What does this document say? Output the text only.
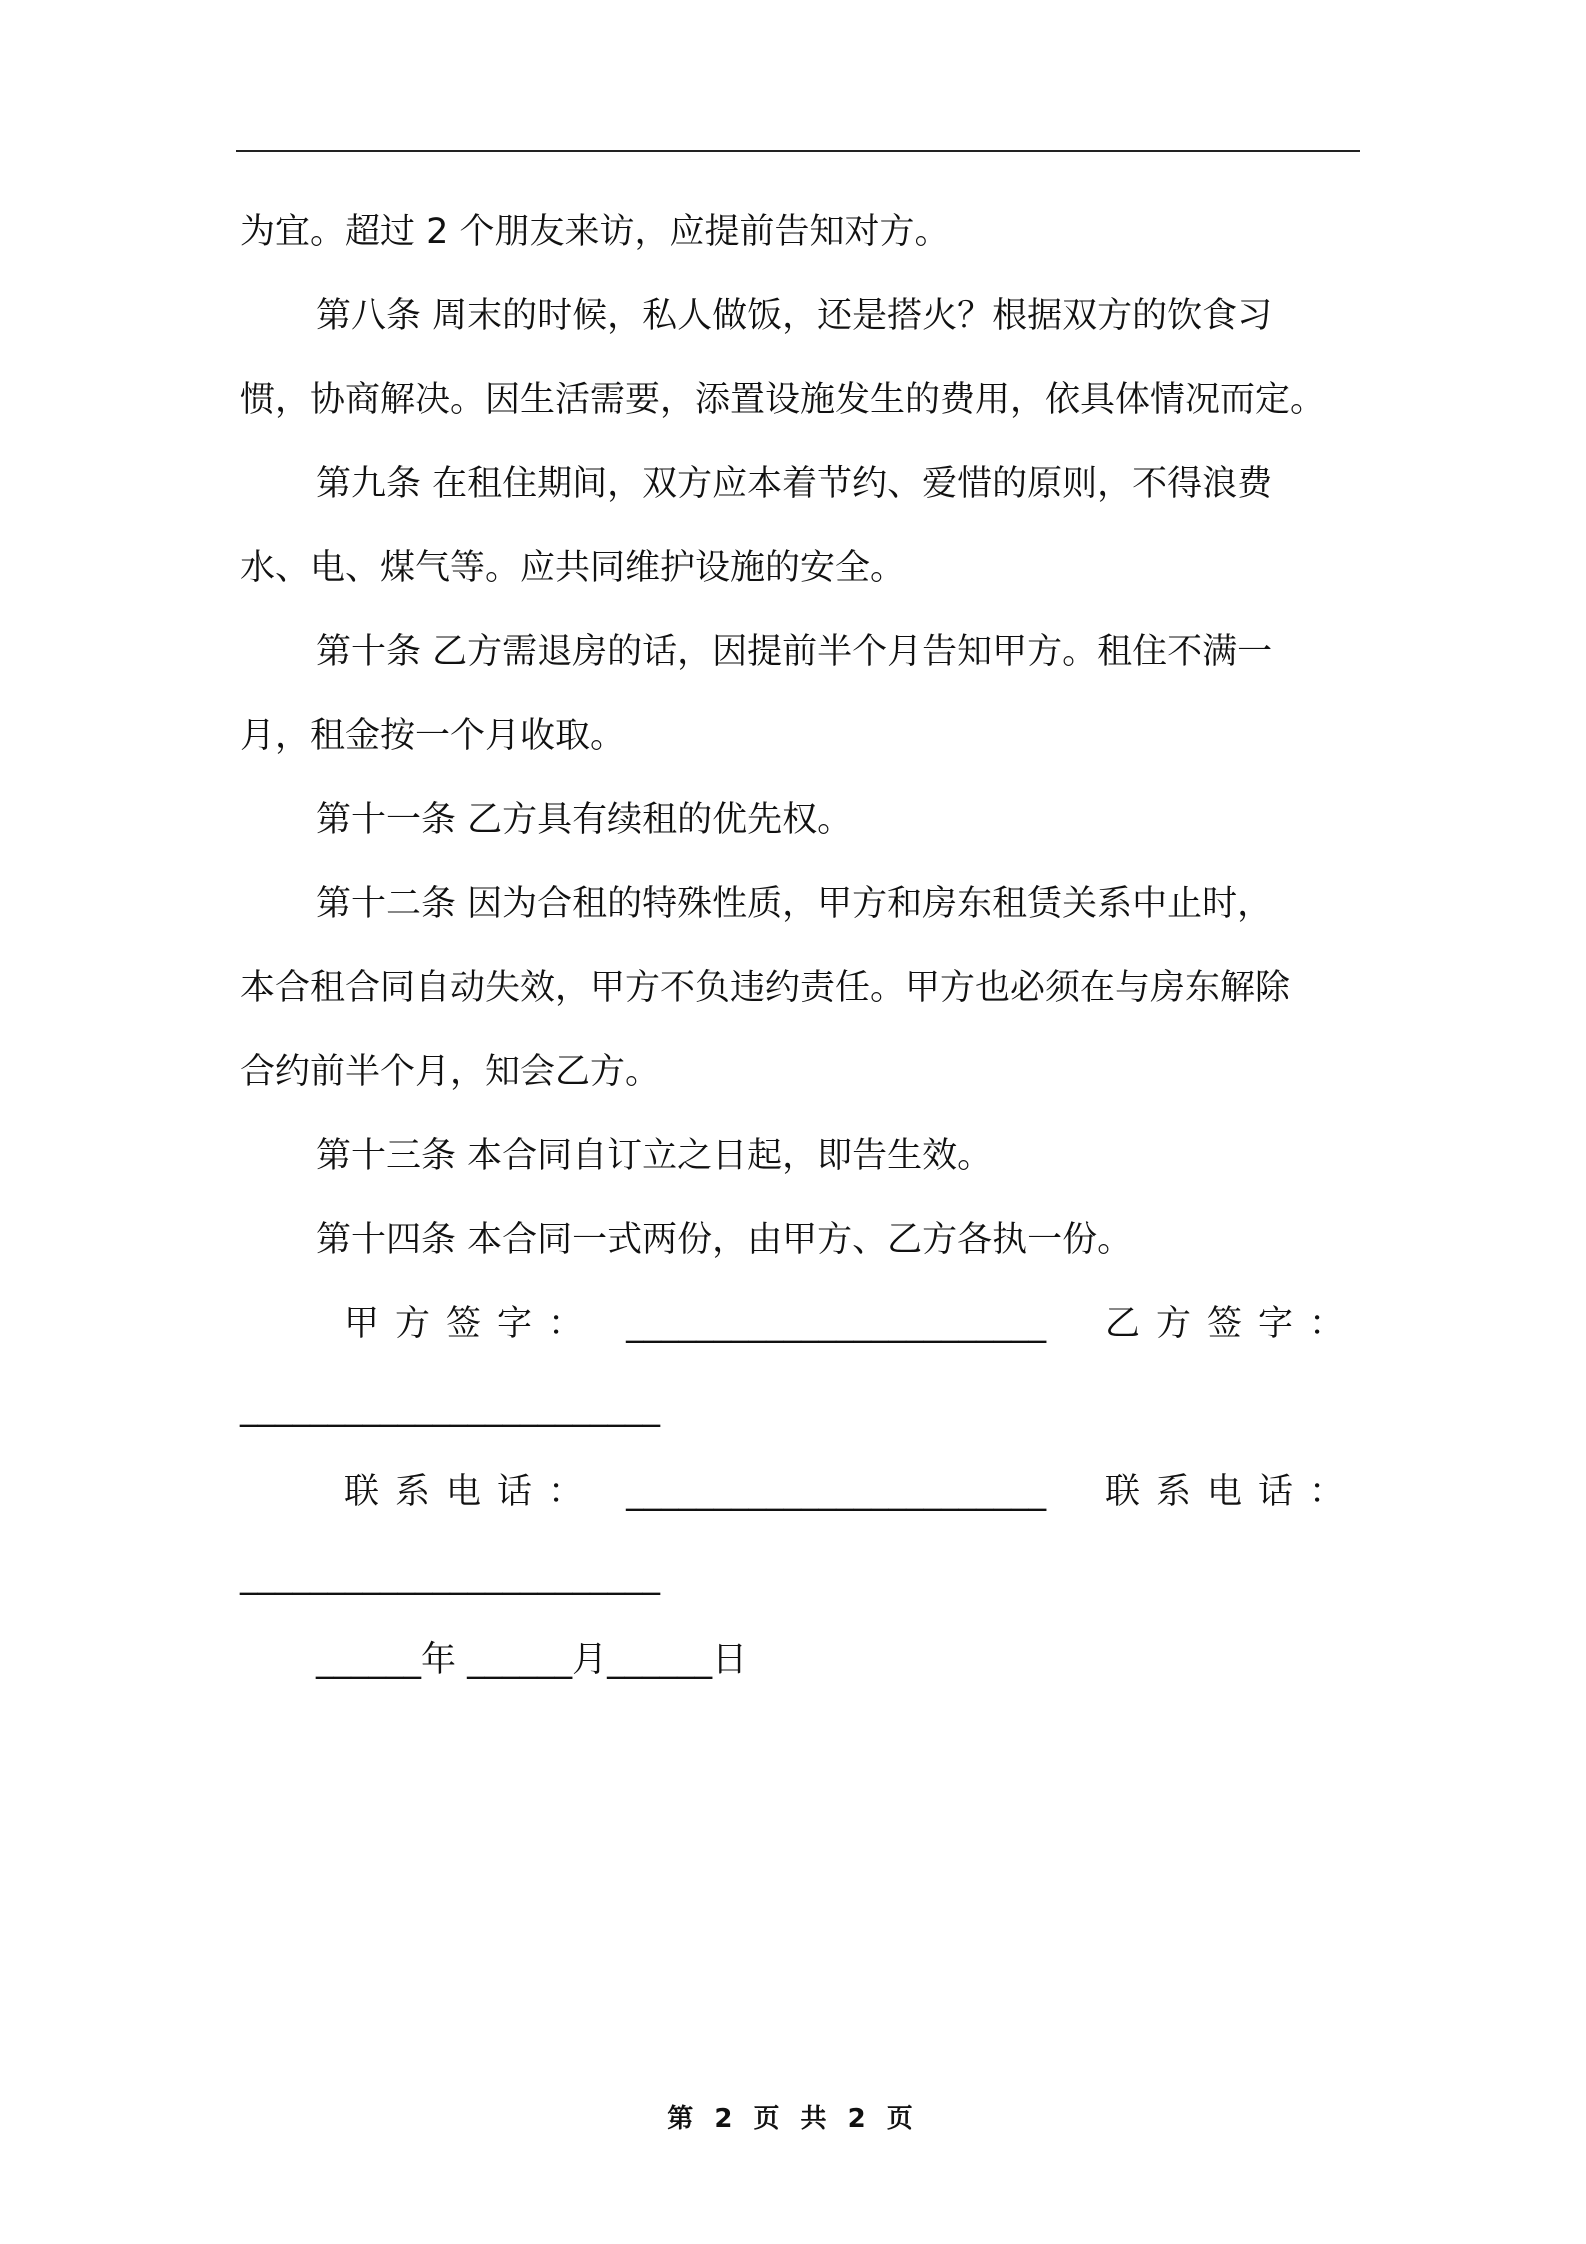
为宜。超过 2 个朋友来访，应提前告知对方。
第八条 周末的时候，私人做饭，还是搭火？根据双方的饮食习
惯，协商解决。因生活需要，添置设施发生的费用，依具体情况而定。
第九条 在租住期间，双方应本着节约、爱惜的原则，不得浪费
水、电、煤气等。应共同维护设施的安全。
第十条 乙方需退房的话，因提前半个月告知甲方。租住不满一
月，租金按一个月收取。
第十一条 乙方具有续租的优先权。
第十二条 因为合租的特殊性质，甲方和房东租赁关系中止时，
本合租合同自动失效，甲方不负违约责任。甲方也必须在与房东解除
合约前半个月，知会乙方。
第十三条 本合同自订立之日起，即告生效。
第十四条 本合同一式两份，由甲方、乙方各执一份。
甲方签字： ________________________ 乙方签字：
________________________
联系电话： ________________________ 联系电话：
________________________
______年 ______月______日
第 2 页 共 2 页
